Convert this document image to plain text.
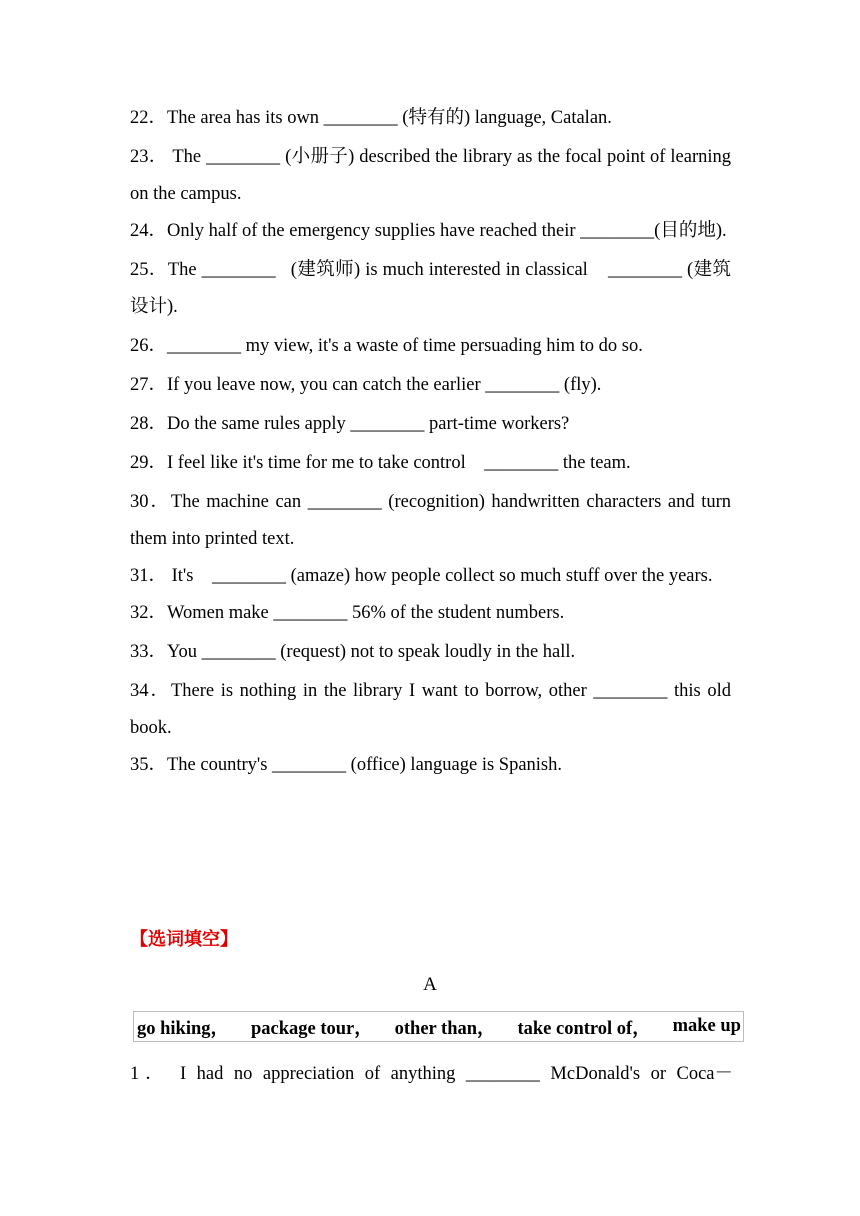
22．The area has its own ________ (特有的) language, Catalan.

23． The ________ (小册子) described the library as the focal point of learning on the campus.

24．Only half of the emergency supplies have reached their ________(目的地).

25．The ________   (建筑师) is much interested in classical    ________ (建筑设计).

26．________ my view, it's a waste of time persuading him to do so.

27．If you leave now, you can catch the earlier ________ (fly).

28．Do the same rules apply ________ part-time workers?

29．I feel like it's time for me to take control    ________ the team.

30．The machine can ________ (recognition) handwritten characters and turn them into printed text.

31． It's    ________ (amaze) how people collect so much stuff over the years.

32．Women make ________ 56% of the student numbers.

33．You ________ (request) not to speak loudly in the hall.

34．There is nothing in the library I want to borrow, other ________ this old book.

35．The country's ________ (office) language is Spanish.

【选词填空】

A

go hiking， package tour， other than， take control of， make up

1． I had no appreciation of anything ________ McDonald's or Coca－
